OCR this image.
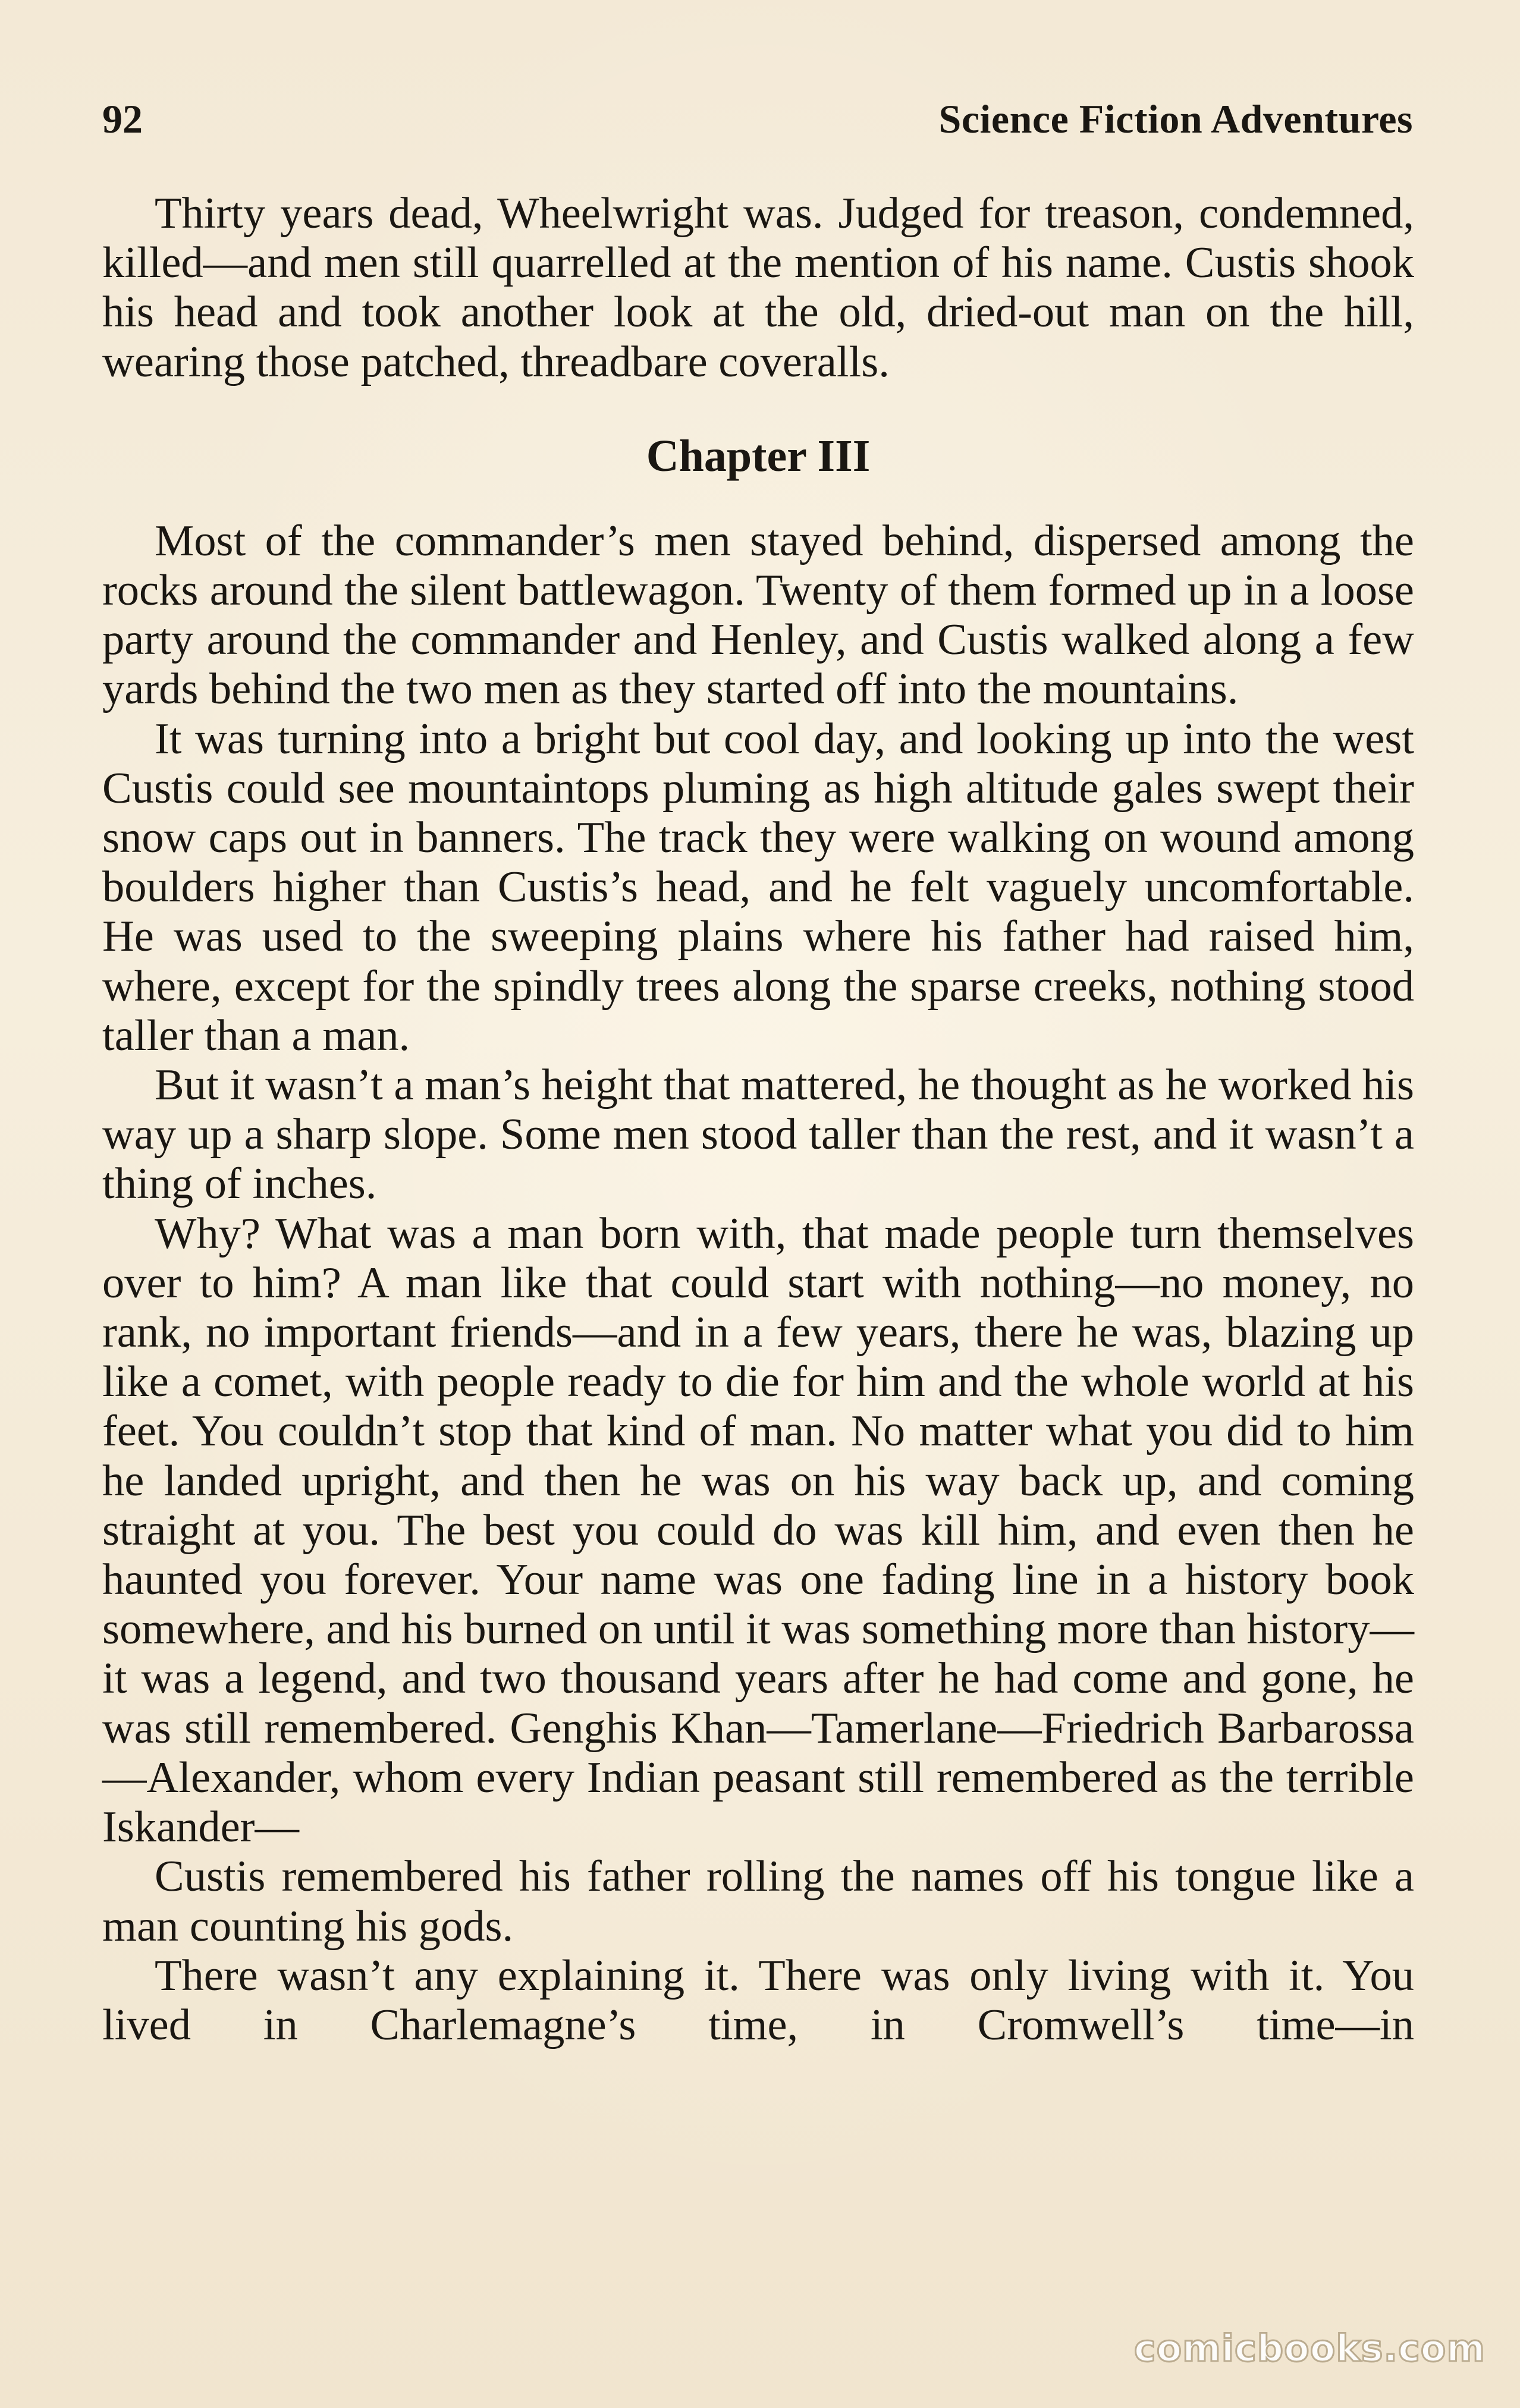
92	Science Fiction Adventures

Thirty years dead, Wheelwright was. Judged for treason, condemned, killed—and men still quarrelled at the mention of his name. Custis shook his head and took another look at the old, dried-out man on the hill, wearing those patched, threadbare coveralls.

Chapter III

Most of the commander’s men stayed behind, dispersed among the rocks around the silent battlewagon. Twenty of them formed up in a loose party around the commander and Henley, and Custis walked along a few yards behind the two men as they started off into the mountains.

It was turning into a bright but cool day, and looking up into the west Custis could see mountaintops pluming as high altitude gales swept their snow caps out in banners. The track they were walking on wound among boulders higher than Custis’s head, and he felt vaguely uncomfortable. He was used to the sweeping plains where his father had raised him, where, except for the spindly trees along the sparse creeks, nothing stood taller than a man.

But it wasn’t a man’s height that mattered, he thought as he worked his way up a sharp slope. Some men stood taller than the rest, and it wasn’t a thing of inches.

Why? What was a man born with, that made people turn themselves over to him? A man like that could start with nothing—no money, no rank, no important friends—and in a few years, there he was, blazing up like a comet, with people ready to die for him and the whole world at his feet. You couldn’t stop that kind of man. No matter what you did to him he landed upright, and then he was on his way back up, and coming straight at you. The best you could do was kill him, and even then he haunted you forever. Your name was one fading line in a history book somewhere, and his burned on until it was something more than history—it was a legend, and two thousand years after he had come and gone, he was still remembered. Genghis Khan—Tamerlane—Friedrich Barbarossa—Alexander, whom every Indian peasant still remembered as the terrible Iskander—

Custis remembered his father rolling the names off his tongue like a man counting his gods.

There wasn’t any explaining it. There was only living with it. You lived in Charlemagne’s time, in Cromwell’s time—in

comicbooks.com
